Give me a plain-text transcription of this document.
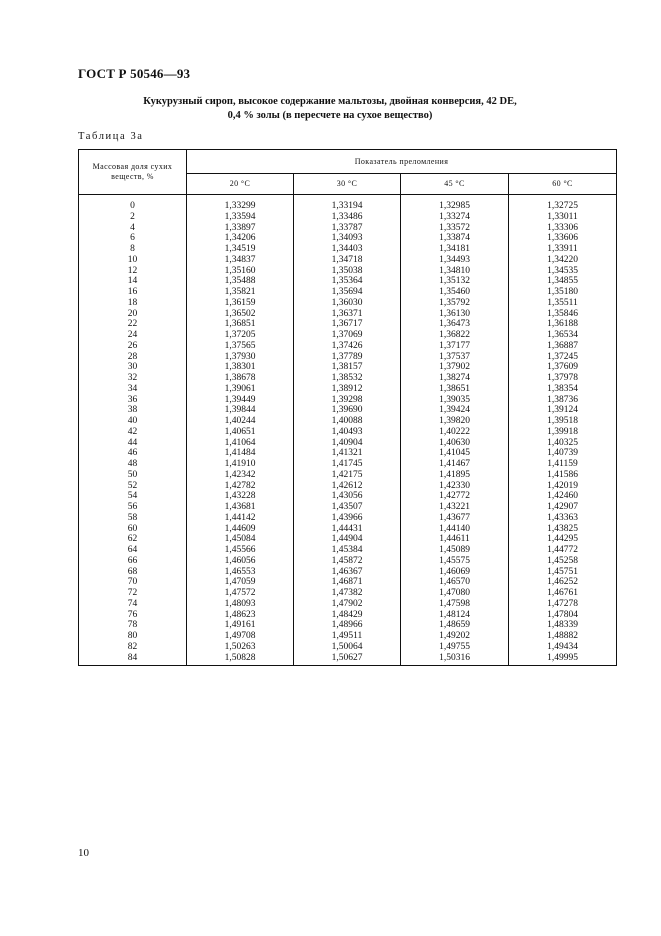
ГОСТ Р 50546—93
Кукурузный сироп, высокое содержание мальтозы, двойная конверсия, 42 DE,
0,4 % золы (в пересчете на сухое вещество)
Таблица 3а
Массовая доля сухих веществ, %	Показатель преломления			
	20 °С	30 °С	45 °С	60 °С
0	1,33299	1,33194	1,32985	1,32725
2	1,33594	1,33486	1,33274	1,33011
4	1,33897	1,33787	1,33572	1,33306
6	1,34206	1,34093	1,33874	1,33606
8	1,34519	1,34403	1,34181	1,33911
10	1,34837	1,34718	1,34493	1,34220
12	1,35160	1,35038	1,34810	1,34535
14	1,35488	1,35364	1,35132	1,34855
16	1,35821	1,35694	1,35460	1,35180
18	1,36159	1,36030	1,35792	1,35511
20	1,36502	1,36371	1,36130	1,35846
22	1,36851	1,36717	1,36473	1,36188
24	1,37205	1,37069	1,36822	1,36534
26	1,37565	1,37426	1,37177	1,36887
28	1,37930	1,37789	1,37537	1,37245
30	1,38301	1,38157	1,37902	1,37609
32	1,38678	1,38532	1,38274	1,37978
34	1,39061	1,38912	1,38651	1,38354
36	1,39449	1,39298	1,39035	1,38736
38	1,39844	1,39690	1,39424	1,39124
40	1,40244	1,40088	1,39820	1,39518
42	1,40651	1,40493	1,40222	1,39918
44	1,41064	1,40904	1,40630	1,40325
46	1,41484	1,41321	1,41045	1,40739
48	1,41910	1,41745	1,41467	1,41159
50	1,42342	1,42175	1,41895	1,41586
52	1,42782	1,42612	1,42330	1,42019
54	1,43228	1,43056	1,42772	1,42460
56	1,43681	1,43507	1,43221	1,42907
58	1,44142	1,43966	1,43677	1,43363
60	1,44609	1,44431	1,44140	1,43825
62	1,45084	1,44904	1,44611	1,44295
64	1,45566	1,45384	1,45089	1,44772
66	1,46056	1,45872	1,45575	1,45258
68	1,46553	1,46367	1,46069	1,45751
70	1,47059	1,46871	1,46570	1,46252
72	1,47572	1,47382	1,47080	1,46761
74	1,48093	1,47902	1,47598	1,47278
76	1,48623	1,48429	1,48124	1,47804
78	1,49161	1,48966	1,48659	1,48339
80	1,49708	1,49511	1,49202	1,48882
82	1,50263	1,50064	1,49755	1,49434
84	1,50828	1,50627	1,50316	1,49995
10
